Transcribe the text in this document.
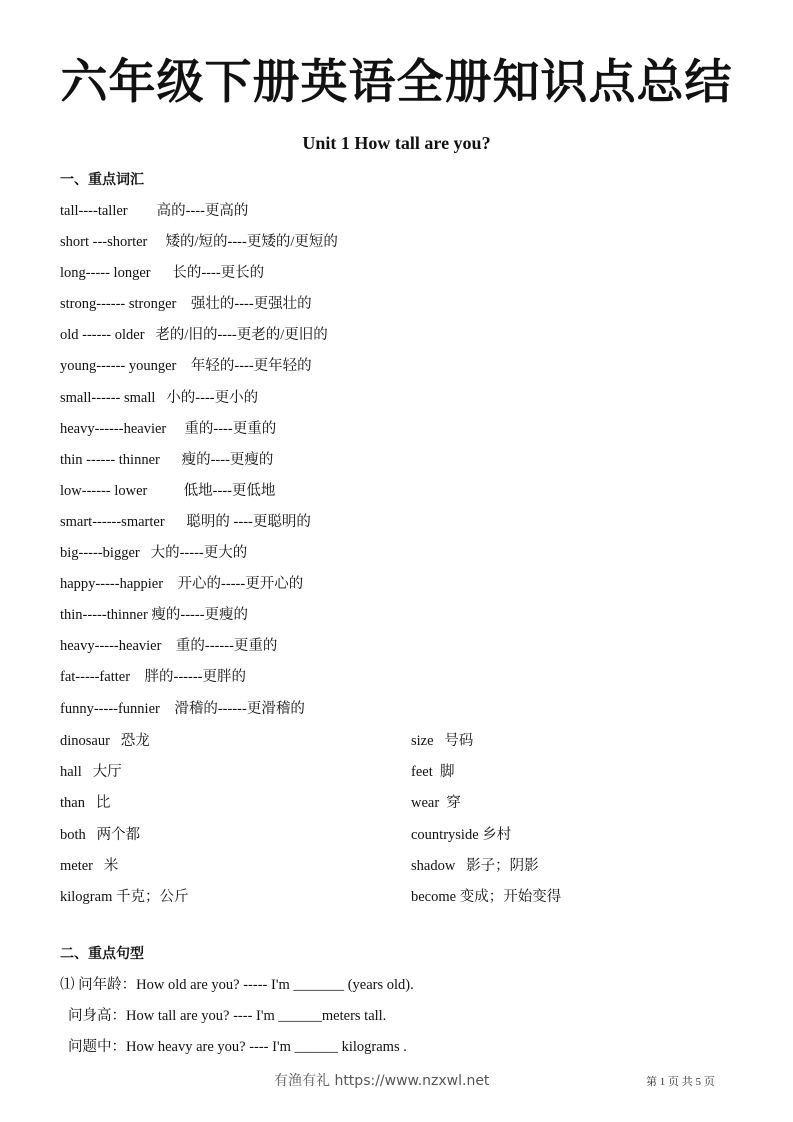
六年级下册英语全册知识点总结
Unit 1 How tall are you?
一、重点词汇
tall----taller        高的----更高的
short ---shorter     矮的/短的----更矮的/更短的
long----- longer      长的----更长的
strong------ stronger    强壮的----更强壮的
old ------ older   老的/旧的----更老的/更旧的
young------ younger    年轻的----更年轻的
small------ small   小的----更小的
heavy------heavier     重的----更重的
thin ------ thinner      瘦的----更瘦的
low------ lower          低地----更低地
smart------smarter      聪明的 ----更聪明的
big-----bigger   大的-----更大的
happy-----happier    开心的-----更开心的
thin-----thinner 瘦的-----更瘦的
heavy-----heavier    重的------更重的
fat-----fatter    胖的------更胖的
funny-----funnier    滑稽的------更滑稽的
dinosaur   恐龙	size   号码
hall   大厅	feet  脚
than   比	wear  穿
both   两个都	countryside 乡村
meter   米	shadow   影子；阴影
kilogram 千克；公斤	become 变成；开始变得
二、重点句型
⑴ 问年龄：How old are you? ----- I'm _______ (years old).
问身高：How tall are you? ---- I'm ______meters tall.
问题中：How heavy are you? ---- I'm ______ kilograms .
有渔有礼 https://www.nzxwl.net	第 1 页 共 5 页
